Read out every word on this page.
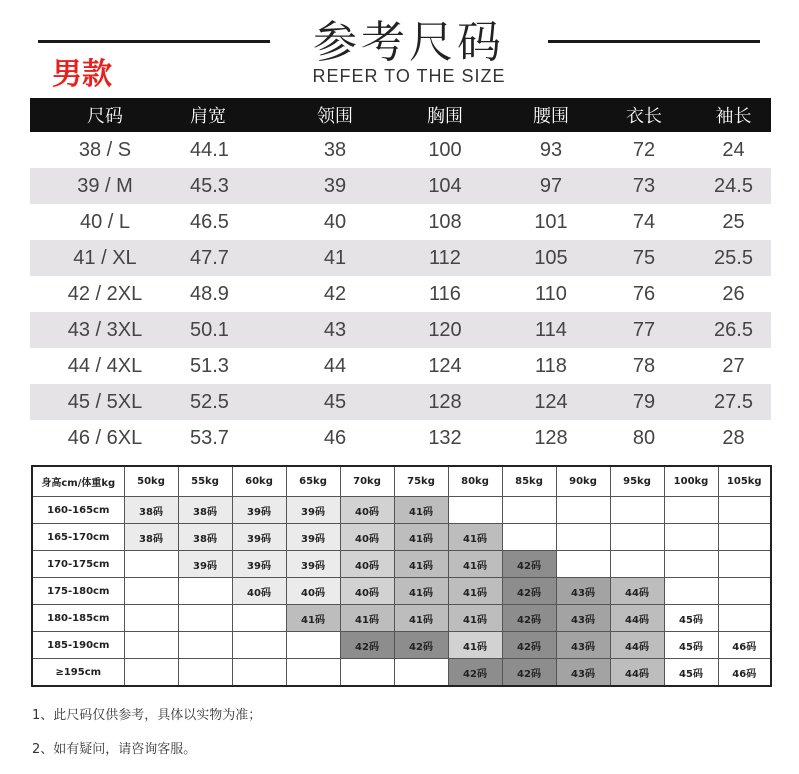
参考尺码
REFER TO THE SIZE
男款
尺码	肩宽	领围	胸围	腰围	衣长	袖长
38 / S	44.1	38	100	93	72	24
39 / M	45.3	39	104	97	73	24.5
40 / L	46.5	40	108	101	74	25
41 / XL	47.7	41	112	105	75	25.5
42 / 2XL	48.9	42	116	110	76	26
43 / 3XL	50.1	43	120	114	77	26.5
44 / 4XL	51.3	44	124	118	78	27
45 / 5XL	52.5	45	128	124	79	27.5
46 / 6XL	53.7	46	132	128	80	28
身高cm/体重kg	50kg	55kg	60kg	65kg	70kg	75kg	80kg	85kg	90kg	95kg	100kg	105kg
160-165cm	38码	38码	39码	39码	40码	41码						
165-170cm	38码	38码	39码	39码	40码	41码	41码					
170-175cm		39码	39码	39码	40码	41码	41码	42码				
175-180cm			40码	40码	40码	41码	41码	42码	43码	44码		
180-185cm				41码	41码	41码	41码	42码	43码	44码	45码	
185-190cm					42码	42码	41码	42码	43码	44码	45码	46码
≥195cm							42码	42码	43码	44码	45码	46码
1、此尺码仅供参考，具体以实物为准；
2、如有疑问，请咨询客服。
